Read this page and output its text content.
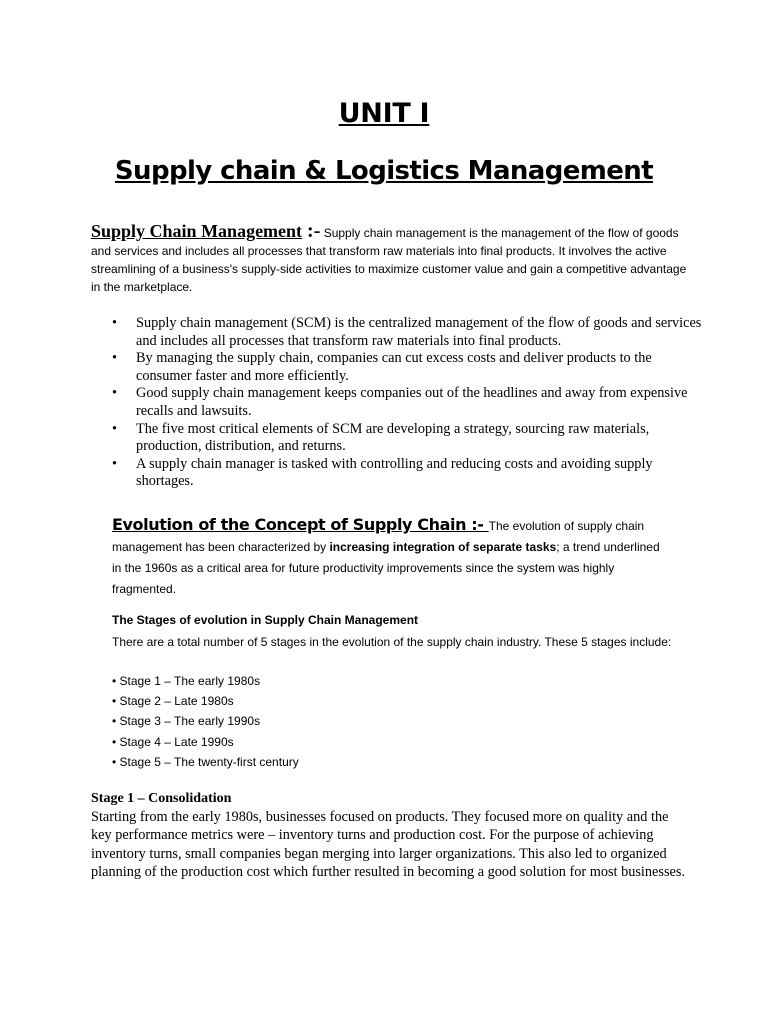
UNIT I
Supply chain & Logistics Management
Supply Chain Management :- Supply chain management is the management of the flow of goods and services and includes all processes that transform raw materials into final products. It involves the active streamlining of a business's supply-side activities to maximize customer value and gain a competitive advantage in the marketplace.
• Supply chain management (SCM) is the centralized management of the flow of goods and services and includes all processes that transform raw materials into final products.
• By managing the supply chain, companies can cut excess costs and deliver products to the consumer faster and more efficiently.
• Good supply chain management keeps companies out of the headlines and away from expensive recalls and lawsuits.
• The five most critical elements of SCM are developing a strategy, sourcing raw materials, production, distribution, and returns.
• A supply chain manager is tasked with controlling and reducing costs and avoiding supply shortages.
Evolution of the Concept of Supply Chain :- The evolution of supply chain management has been characterized by increasing integration of separate tasks; a trend underlined in the 1960s as a critical area for future productivity improvements since the system was highly fragmented.
The Stages of evolution in Supply Chain Management
There are a total number of 5 stages in the evolution of the supply chain industry. These 5 stages include:
• Stage 1 – The early 1980s
• Stage 2 – Late 1980s
• Stage 3 – The early 1990s
• Stage 4 – Late 1990s
• Stage 5 – The twenty-first century
Stage 1 – Consolidation
Starting from the early 1980s, businesses focused on products. They focused more on quality and the key performance metrics were – inventory turns and production cost. For the purpose of achieving inventory turns, small companies began merging into larger organizations. This also led to organized planning of the production cost which further resulted in becoming a good solution for most businesses.
